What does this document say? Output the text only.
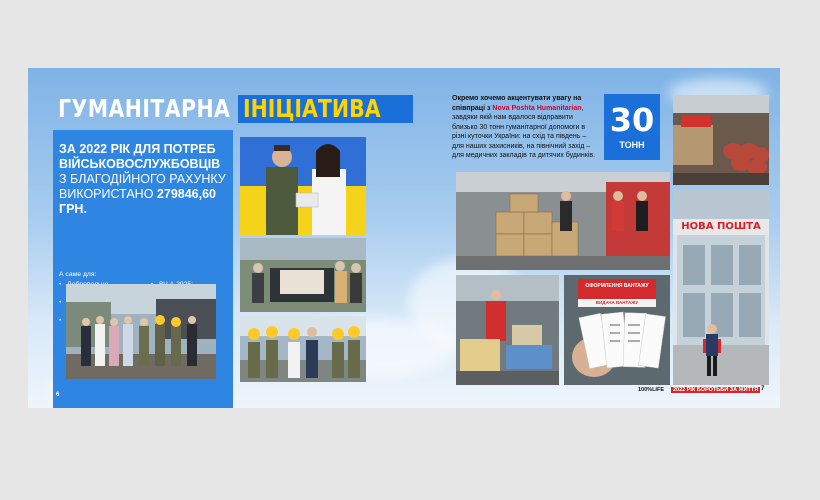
ГУМАНІТАРНА ІНІЦІАТИВА
ЗА 2022 РІК ДЛЯ ПОТРЕБ
ВІЙСЬКОВОСЛУЖБОВЦІВ
З БЛАГОДІЙНОГО РАХУНКУ
ВИКОРИСТАНО 279846,60 ГРН.
А саме для:
•
•
•
6
Окремо хочемо акцентувати увагу на співпраці з Nova Poshta Humanitarian, завдяки якій нам вдалося відправити близько 30 тонн гуманітарної допомоги в різні куточки України: на схід та південь – для наших захисників, на північний захід – для медичних закладів та дитячих будинків.
30
ТОНН
НОВА ПОШТА
ОФОРМЛЕННЯ ВАНТАЖУ
ВИДАЧА ВАНТАЖУ
100%LIFE	2022 РІК БОРОТЬБИ ЗА ЖИТТЯ 7
